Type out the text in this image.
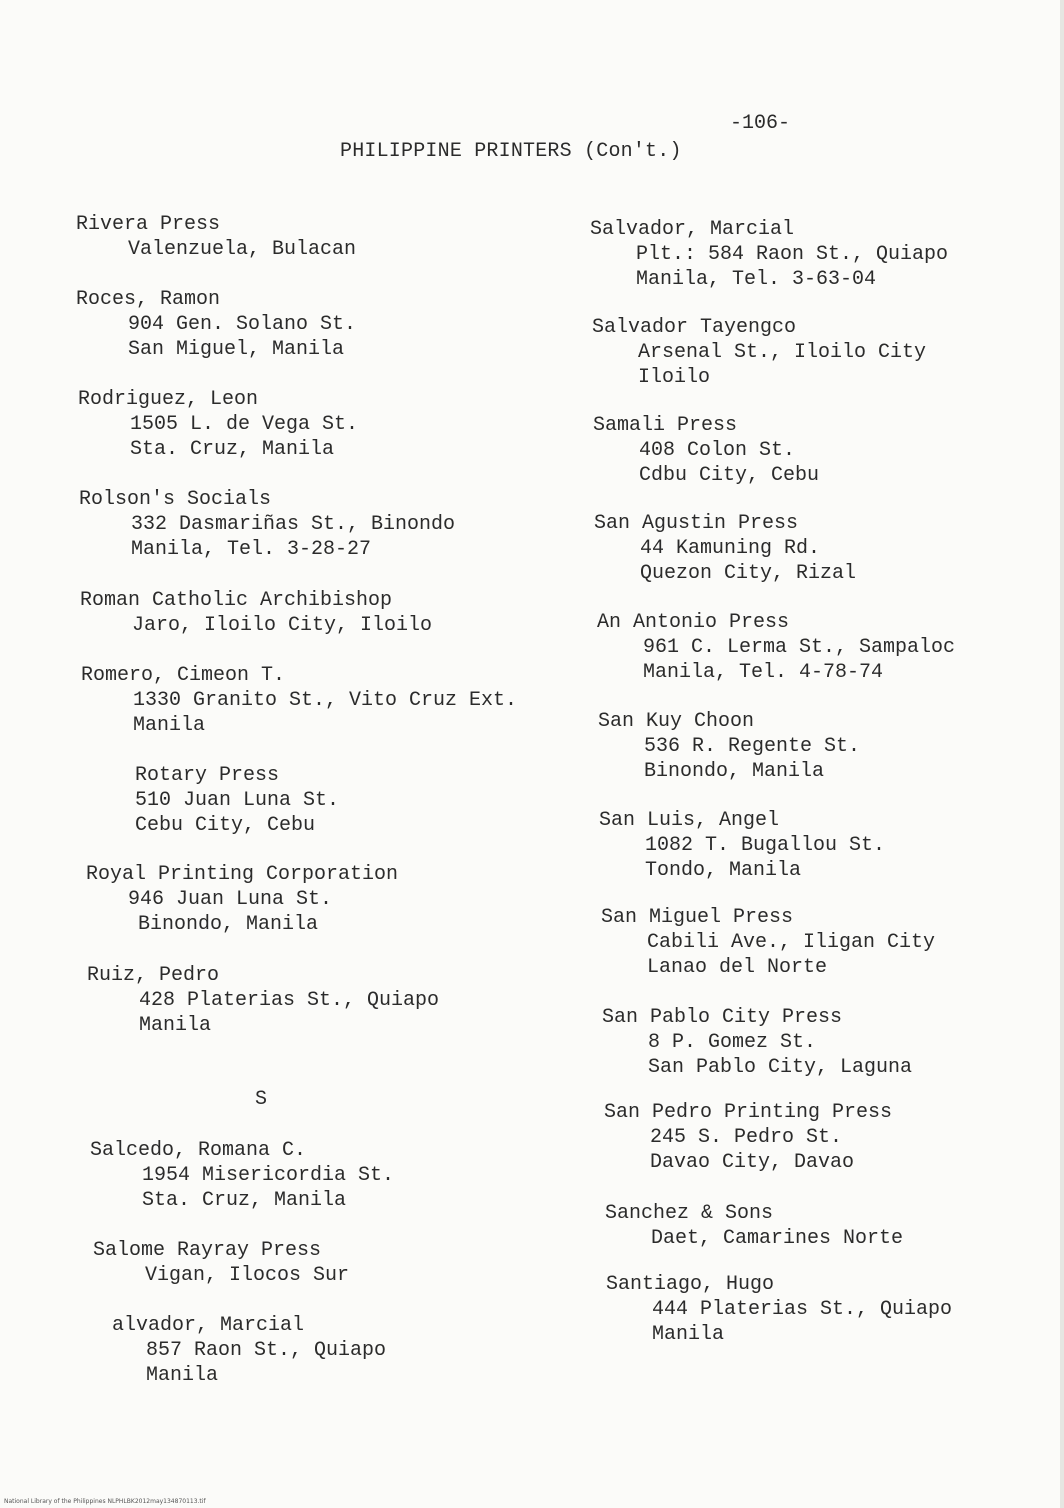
-106-
PHILIPPINE PRINTERS (Con't.)
Rivera Press
Valenzuela, Bulacan
Roces, Ramon
904 Gen. Solano St.
San Miguel, Manila
Rodriguez, Leon
1505 L. de Vega St.
Sta. Cruz, Manila
Rolson's Socials
332 Dasmariñas St., Binondo
Manila, Tel. 3-28-27
Roman Catholic Archibishop
Jaro, Iloilo City, Iloilo
Romero, Cimeon T.
1330 Granito St., Vito Cruz Ext.
Manila
Rotary Press
510 Juan Luna St.
Cebu City, Cebu
Royal Printing Corporation
946 Juan Luna St.
Binondo, Manila
Ruiz, Pedro
428 Platerias St., Quiapo
Manila
S
Salcedo, Romana C.
1954 Misericordia St.
Sta. Cruz, Manila
Salome Rayray Press
Vigan, Ilocos Sur
alvador, Marcial
857 Raon St., Quiapo
Manila
Salvador, Marcial
Plt.: 584 Raon St., Quiapo
Manila, Tel. 3-63-04
Salvador Tayengco
Arsenal St., Iloilo City
Iloilo
Samali Press
408 Colon St.
Cdbu City, Cebu
San Agustin Press
44 Kamuning Rd.
Quezon City, Rizal
An Antonio Press
961 C. Lerma St., Sampaloc
Manila, Tel. 4-78-74
San Kuy Choon
536 R. Regente St.
Binondo, Manila
San Luis, Angel
1082 T. Bugallou St.
Tondo, Manila
San Miguel Press
Cabili Ave., Iligan City
Lanao del Norte
San Pablo City Press
8 P. Gomez St.
San Pablo City, Laguna
San Pedro Printing Press
245 S. Pedro St.
Davao City, Davao
Sanchez & Sons
Daet, Camarines Norte
Santiago, Hugo
444 Platerias St., Quiapo
Manila
National Library of the Philippines NLPHLBK2012may134870113.tif
